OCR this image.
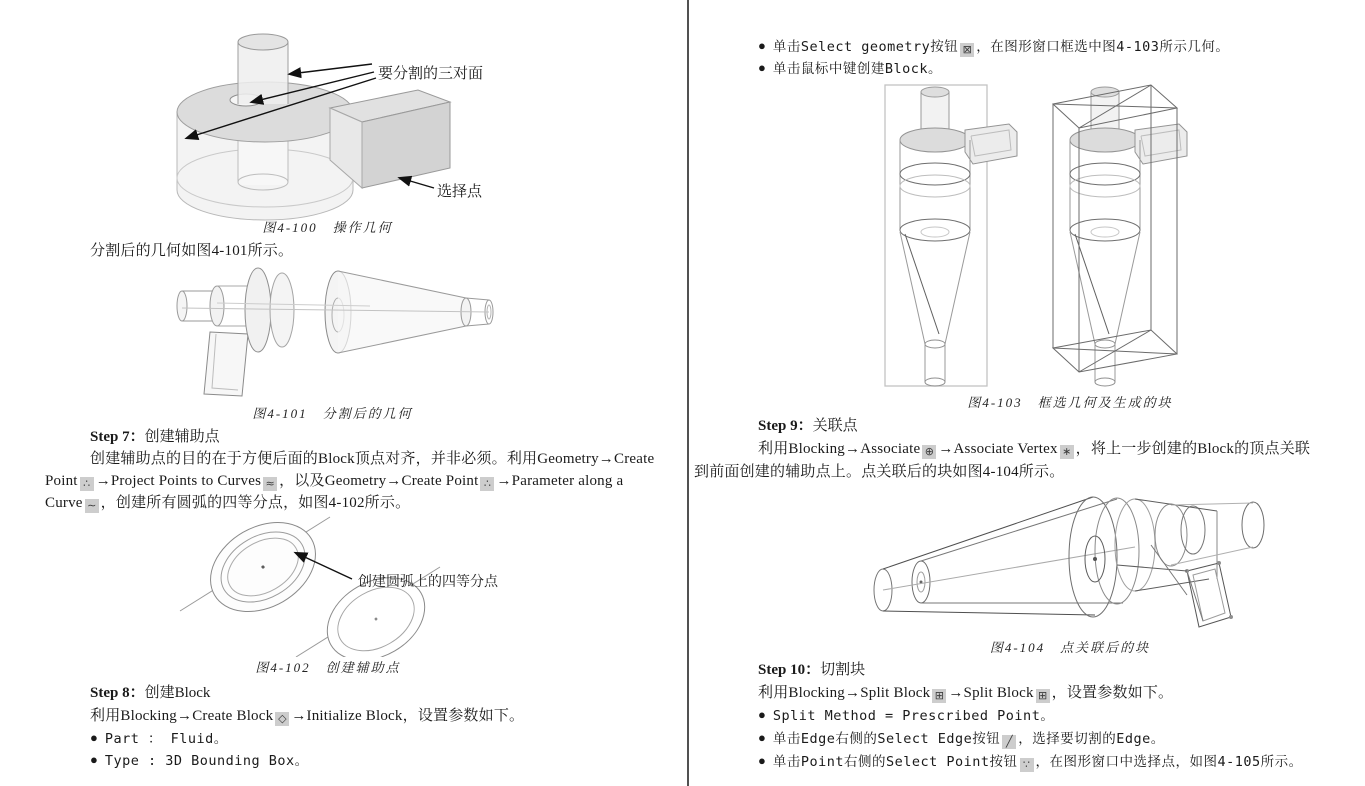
要分割的三对面
选择点
图4-100　操作几何
分割后的几何如图4-101所示。
图4-101　分割后的几何
Step 7：创建辅助点
创建辅助点的目的在于方便后面的Block顶点对齐，并非必须。利用Geometry→Create
Point ∴ →Project Points to Curves ≈ ，以及Geometry→Create Point ∴ →Parameter along a
Curve ∼ ，创建所有圆弧的四等分点，如图4-102所示。
创建圆弧上的四等分点
图4-102　创建辅助点
Step 8：创建Block
利用Blocking→Create Block ◇ →Initialize Block，设置参数如下。
● Part ： Fluid。
● Type : 3D Bounding Box。
● 单击Select geometry按钮 ⊠ ，在图形窗口框选中图4-103所示几何。
● 单击鼠标中键创建Block。
图4-103　框选几何及生成的块
Step 9：关联点
利用Blocking→Associate ⊕ →Associate Vertex ∗ ，将上一步创建的Block的顶点关联
到前面创建的辅助点上。点关联后的块如图4-104所示。
图4-104　点关联后的块
Step 10：切割块
利用Blocking→Split Block ⊞ →Split Block ⊞ ，设置参数如下。
● Split Method = Prescribed Point。
● 单击Edge右侧的Select Edge按钮 ╱ ，选择要切割的Edge。
● 单击Point右侧的Select Point按钮 ∵ ，在图形窗口中选择点，如图4-105所示。
